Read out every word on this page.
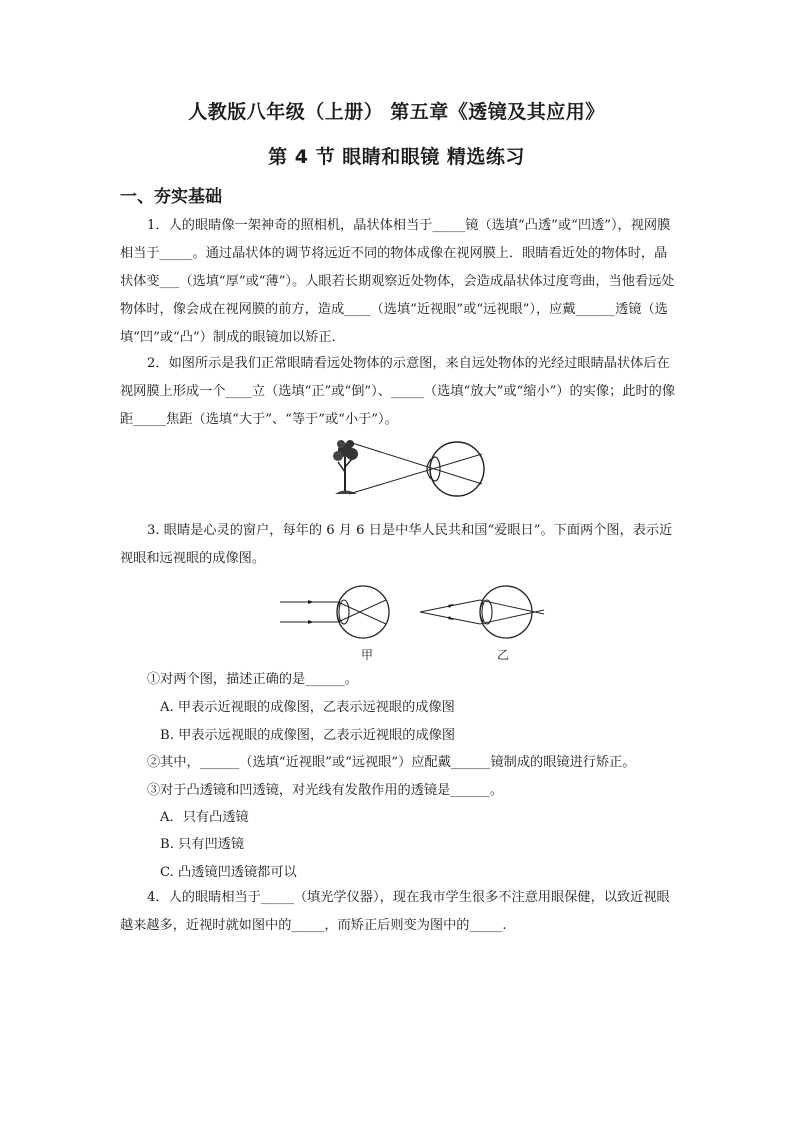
人教版八年级（上册） 第五章《透镜及其应用》
第 4 节 眼睛和眼镜 精选练习
一、夯实基础
1．人的眼睛像一架神奇的照相机，晶状体相当于_____镜（选填“凸透”或“凹透”），视网膜相当于_____。通过晶状体的调节将远近不同的物体成像在视网膜上．眼睛看近处的物体时，晶状体变___（选填“厚”或“薄”）。人眼若长期观察近处物体，会造成晶状体过度弯曲，当他看远处物体时，像会成在视网膜的前方，造成____（选填“近视眼”或“远视眼”），应戴______透镜（选填“凹”或“凸”）制成的眼镜加以矫正．
2．如图所示是我们正常眼睛看远处物体的示意图，来自远处物体的光经过眼睛晶状体后在视网膜上形成一个____立（选填“正”或“倒”）、_____（选填“放大”或“缩小”）的实像；此时的像距_____焦距（选填“大于”、“等于”或“小于”）。
3. 眼睛是心灵的窗户，每年的 6 月 6 日是中华人民共和国“爱眼日”。下面两个图，表示近视眼和远视眼的成像图。
甲	乙
①对两个图，描述正确的是______。
A. 甲表示近视眼的成像图，乙表示远视眼的成像图
B. 甲表示远视眼的成像图，乙表示近视眼的成像图
②其中，______（选填“近视眼”或“远视眼”）应配戴______镜制成的眼镜进行矫正。
③对于凸透镜和凹透镜，对光线有发散作用的透镜是______。
A．只有凸透镜
B. 只有凹透镜
C. 凸透镜凹透镜都可以
4．人的眼睛相当于_____（填光学仪器），现在我市学生很多不注意用眼保健，以致近视眼越来越多，近视时就如图中的_____，而矫正后则变为图中的_____.
